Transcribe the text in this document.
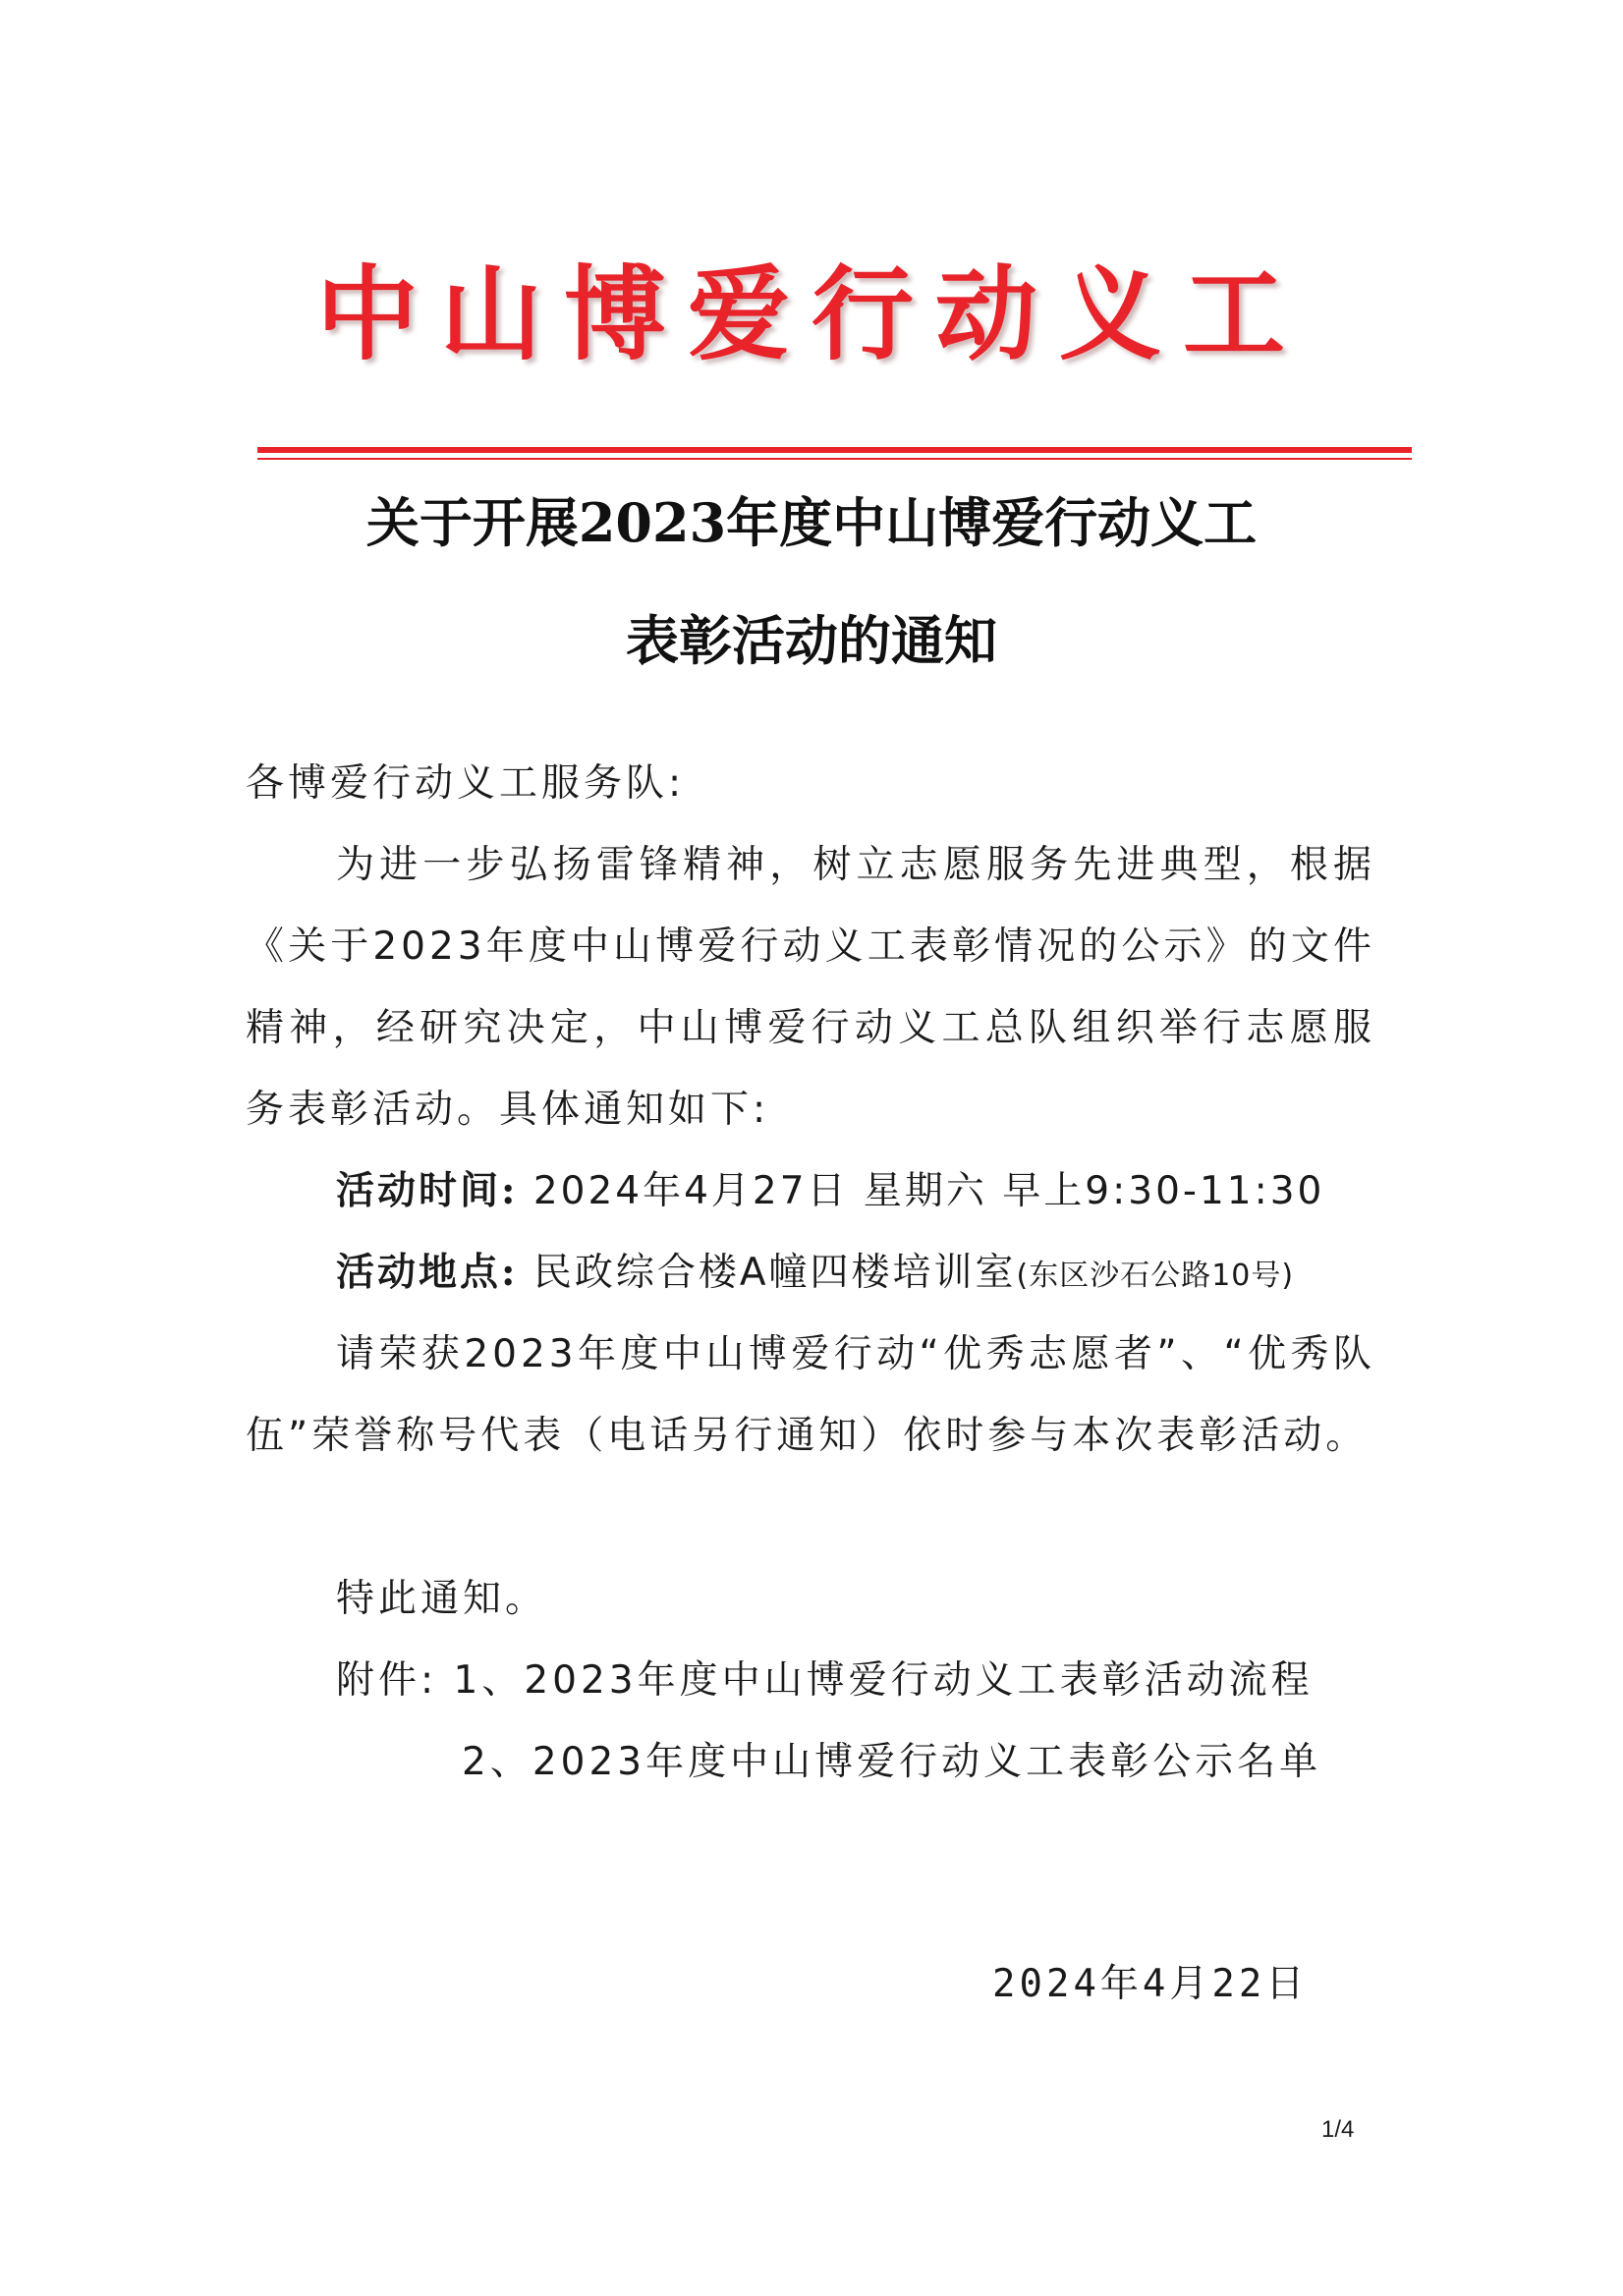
中山博爱行动义工
关于开展2023年度中山博爱行动义工
表彰活动的通知
各博爱行动义工服务队:
为进一步弘扬雷锋精神，树立志愿服务先进典型，根据《关于2023年度中山博爱行动义工表彰情况的公示》的文件精神，经研究决定，中山博爱行动义工总队组织举行志愿服务表彰活动。具体通知如下:
活动时间: 2024年4月27日 星期六 早上9:30-11:30
活动地点: 民政综合楼A幢四楼培训室(东区沙石公路10号)
请荣获2023年度中山博爱行动“优秀志愿者”、“优秀队伍”荣誉称号代表（电话另行通知）依时参与本次表彰活动。
特此通知。
附件: 1、2023年度中山博爱行动义工表彰活动流程
2、2023年度中山博爱行动义工表彰公示名单
2024年4月22日
1/4
